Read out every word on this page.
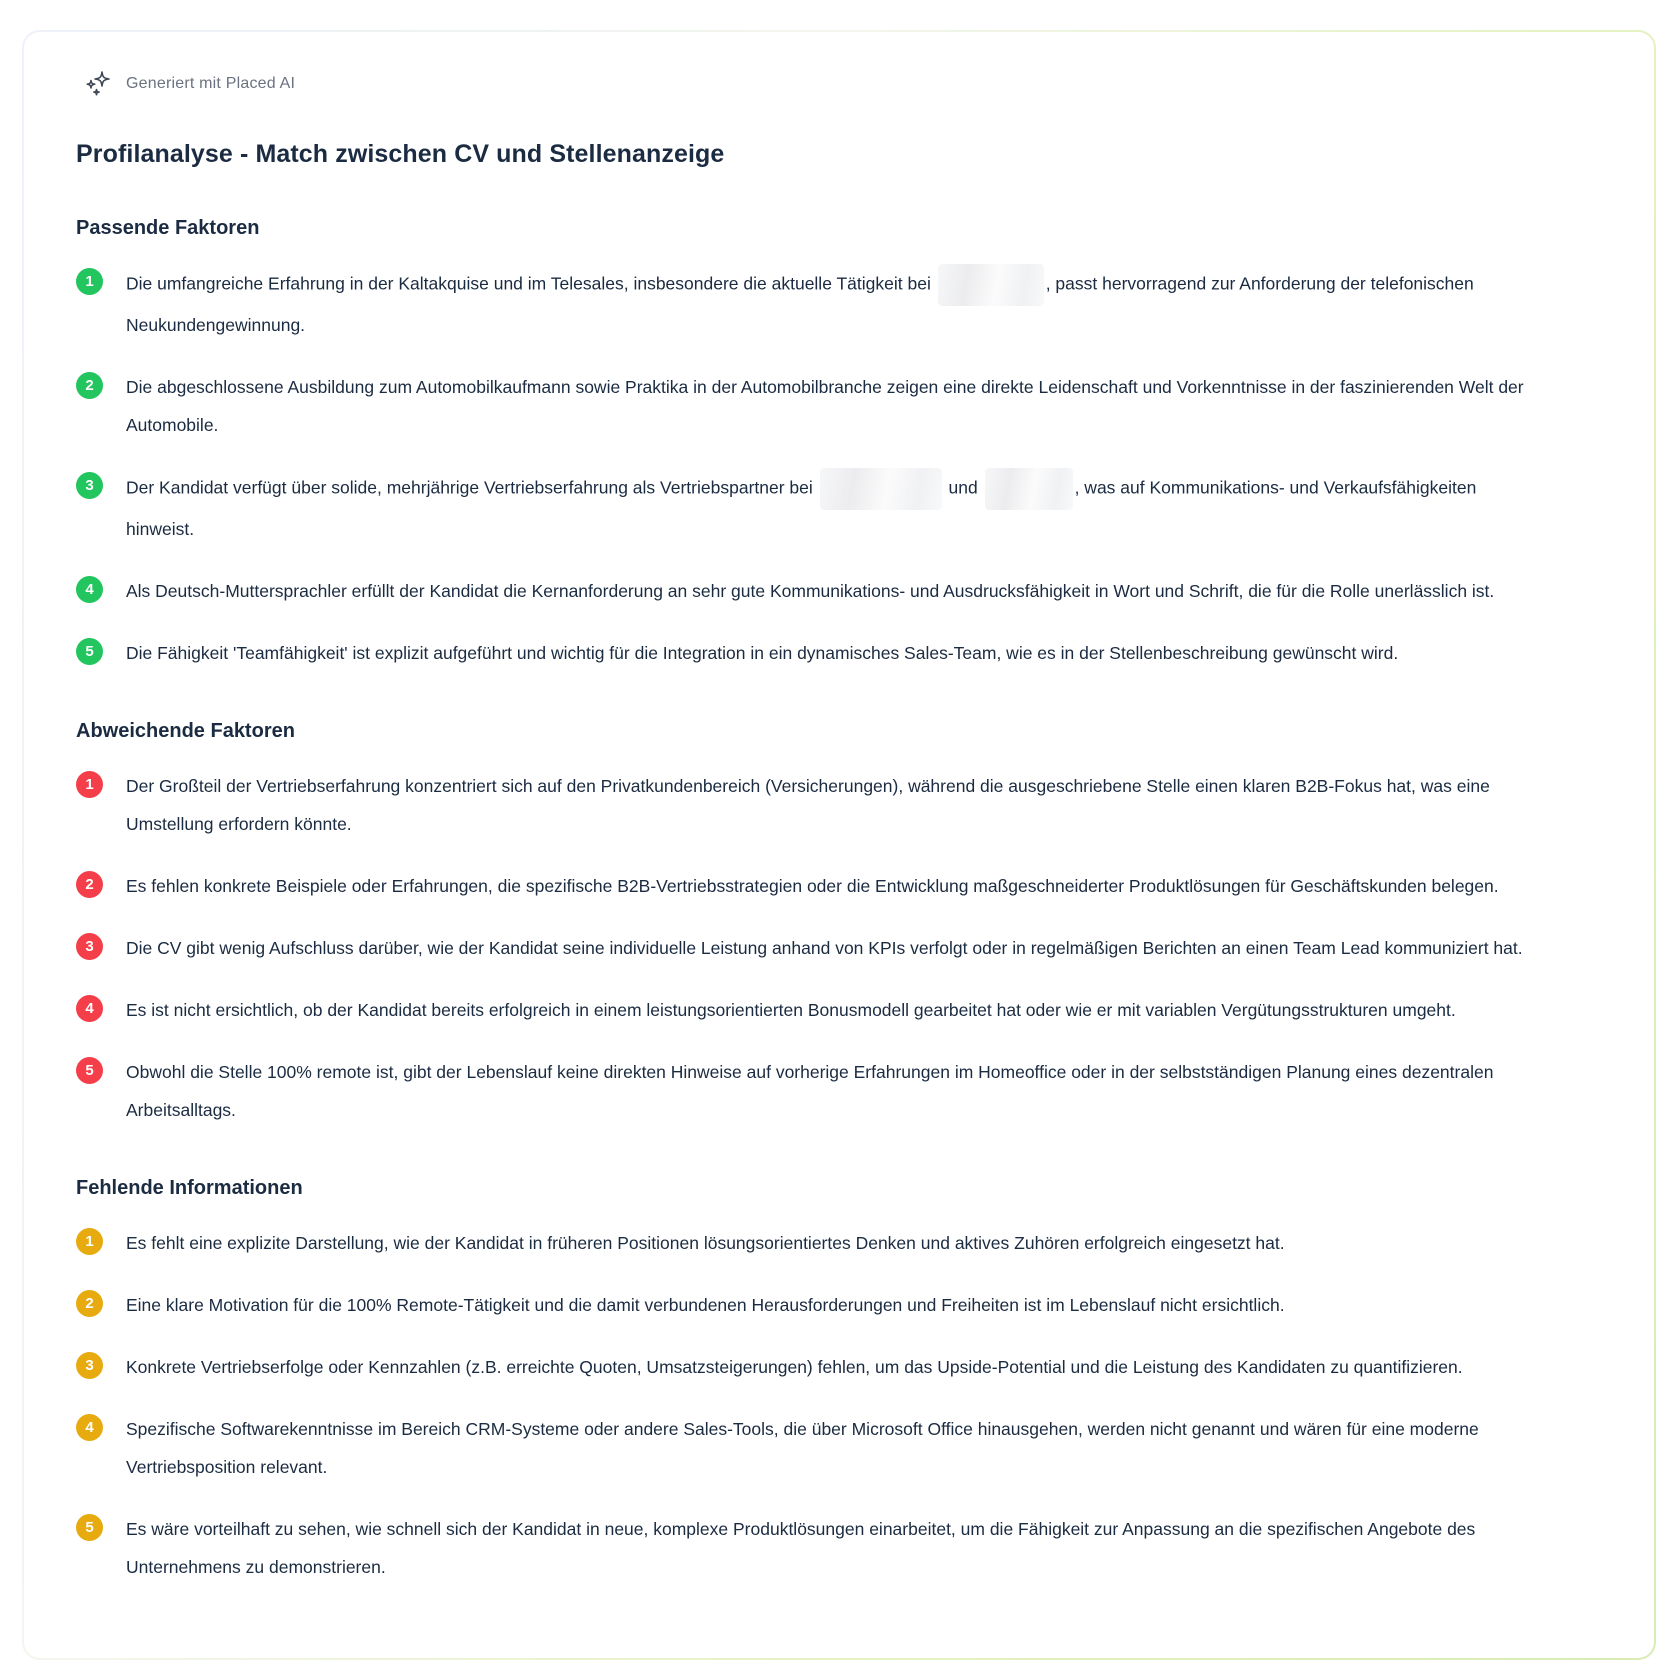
Generiert mit Placed AI
Profilanalyse - Match zwischen CV und Stellenanzeige
Passende Faktoren
1	Die umfangreiche Erfahrung in der Kaltakquise und im Telesales, insbesondere die aktuelle Tätigkeit bei	, passt hervorragend zur Anforderung der telefonischen Neukundengewinnung.

2	Die abgeschlossene Ausbildung zum Automobilkaufmann sowie Praktika in der Automobilbranche zeigen eine direkte Leidenschaft und Vorkenntnisse in der faszinierenden Welt der Automobile.

3	Der Kandidat verfügt über solide, mehrjährige Vertriebserfahrung als Vertriebspartner bei	und	, was auf Kommunikations- und Verkaufsfähigkeiten hinweist.

4	Als Deutsch-Muttersprachler erfüllt der Kandidat die Kernanforderung an sehr gute Kommunikations- und Ausdrucksfähigkeit in Wort und Schrift, die für die Rolle unerlässlich ist.

5	Die Fähigkeit 'Teamfähigkeit' ist explizit aufgeführt und wichtig für die Integration in ein dynamisches Sales-Team, wie es in der Stellenbeschreibung gewünscht wird.

Abweichende Faktoren
1	Der Großteil der Vertriebserfahrung konzentriert sich auf den Privatkundenbereich (Versicherungen), während die ausgeschriebene Stelle einen klaren B2B-Fokus hat, was eine Umstellung erfordern könnte.

2	Es fehlen konkrete Beispiele oder Erfahrungen, die spezifische B2B-Vertriebsstrategien oder die Entwicklung maßgeschneiderter Produktlösungen für Geschäftskunden belegen.

3	Die CV gibt wenig Aufschluss darüber, wie der Kandidat seine individuelle Leistung anhand von KPIs verfolgt oder in regelmäßigen Berichten an einen Team Lead kommuniziert hat.

4	Es ist nicht ersichtlich, ob der Kandidat bereits erfolgreich in einem leistungsorientierten Bonusmodell gearbeitet hat oder wie er mit variablen Vergütungsstrukturen umgeht.

5	Obwohl die Stelle 100% remote ist, gibt der Lebenslauf keine direkten Hinweise auf vorherige Erfahrungen im Homeoffice oder in der selbstständigen Planung eines dezentralen Arbeitsalltags.

Fehlende Informationen
1	Es fehlt eine explizite Darstellung, wie der Kandidat in früheren Positionen lösungsorientiertes Denken und aktives Zuhören erfolgreich eingesetzt hat.

2	Eine klare Motivation für die 100% Remote-Tätigkeit und die damit verbundenen Herausforderungen und Freiheiten ist im Lebenslauf nicht ersichtlich.

3	Konkrete Vertriebserfolge oder Kennzahlen (z.B. erreichte Quoten, Umsatzsteigerungen) fehlen, um das Upside-Potential und die Leistung des Kandidaten zu quantifizieren.

4	Spezifische Softwarekenntnisse im Bereich CRM-Systeme oder andere Sales-Tools, die über Microsoft Office hinausgehen, werden nicht genannt und wären für eine moderne Vertriebsposition relevant.

5	Es wäre vorteilhaft zu sehen, wie schnell sich der Kandidat in neue, komplexe Produktlösungen einarbeitet, um die Fähigkeit zur Anpassung an die spezifischen Angebote des Unternehmens zu demonstrieren.
